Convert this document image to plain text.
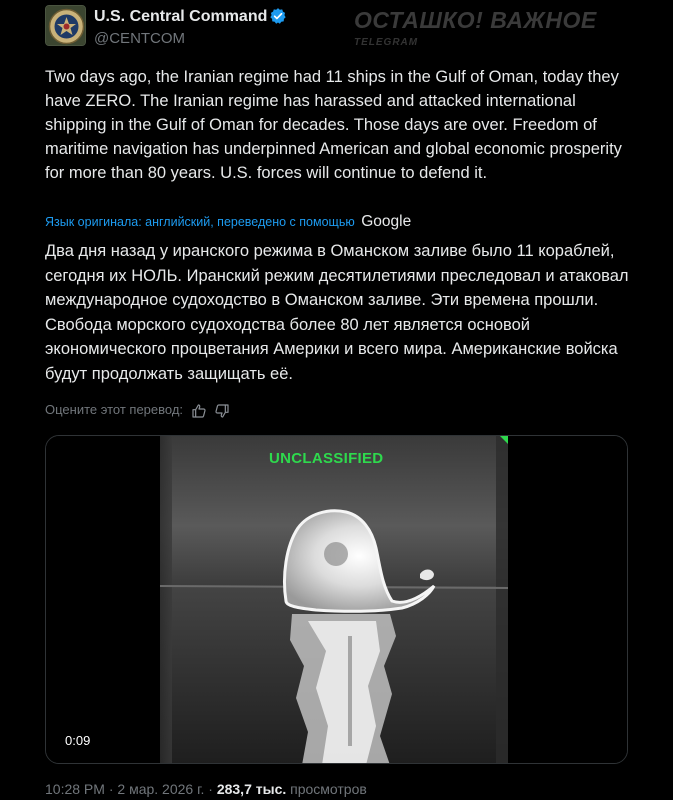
U.S. Central Command
@CENTCOM
ОСТАШКО! ВАЖНОЕ
TELEGRAM
Two days ago, the Iranian regime had 11 ships in the Gulf of Oman, today they have ZERO. The Iranian regime has harassed and attacked international shipping in the Gulf of Oman for decades. Those days are over. Freedom of maritime navigation has underpinned American and global economic prosperity for more than 80 years. U.S. forces will continue to defend it.
Язык оригинала: английский, переведено с помощью Google
Два дня назад у иранского режима в Оманском заливе было 11 кораблей, сегодня их НОЛЬ. Иранский режим десятилетиями преследовал и атаковал международное судоходство в Оманском заливе. Эти времена прошли. Свобода морского судоходства более 80 лет является основой экономического процветания Америки и всего мира. Американские войска будут продолжать защищать её.
Оцените этот перевод:
UNCLASSIFIED
0:09
10:28 PM · 2 мар. 2026 г. · 283,7 тыс. просмотров
